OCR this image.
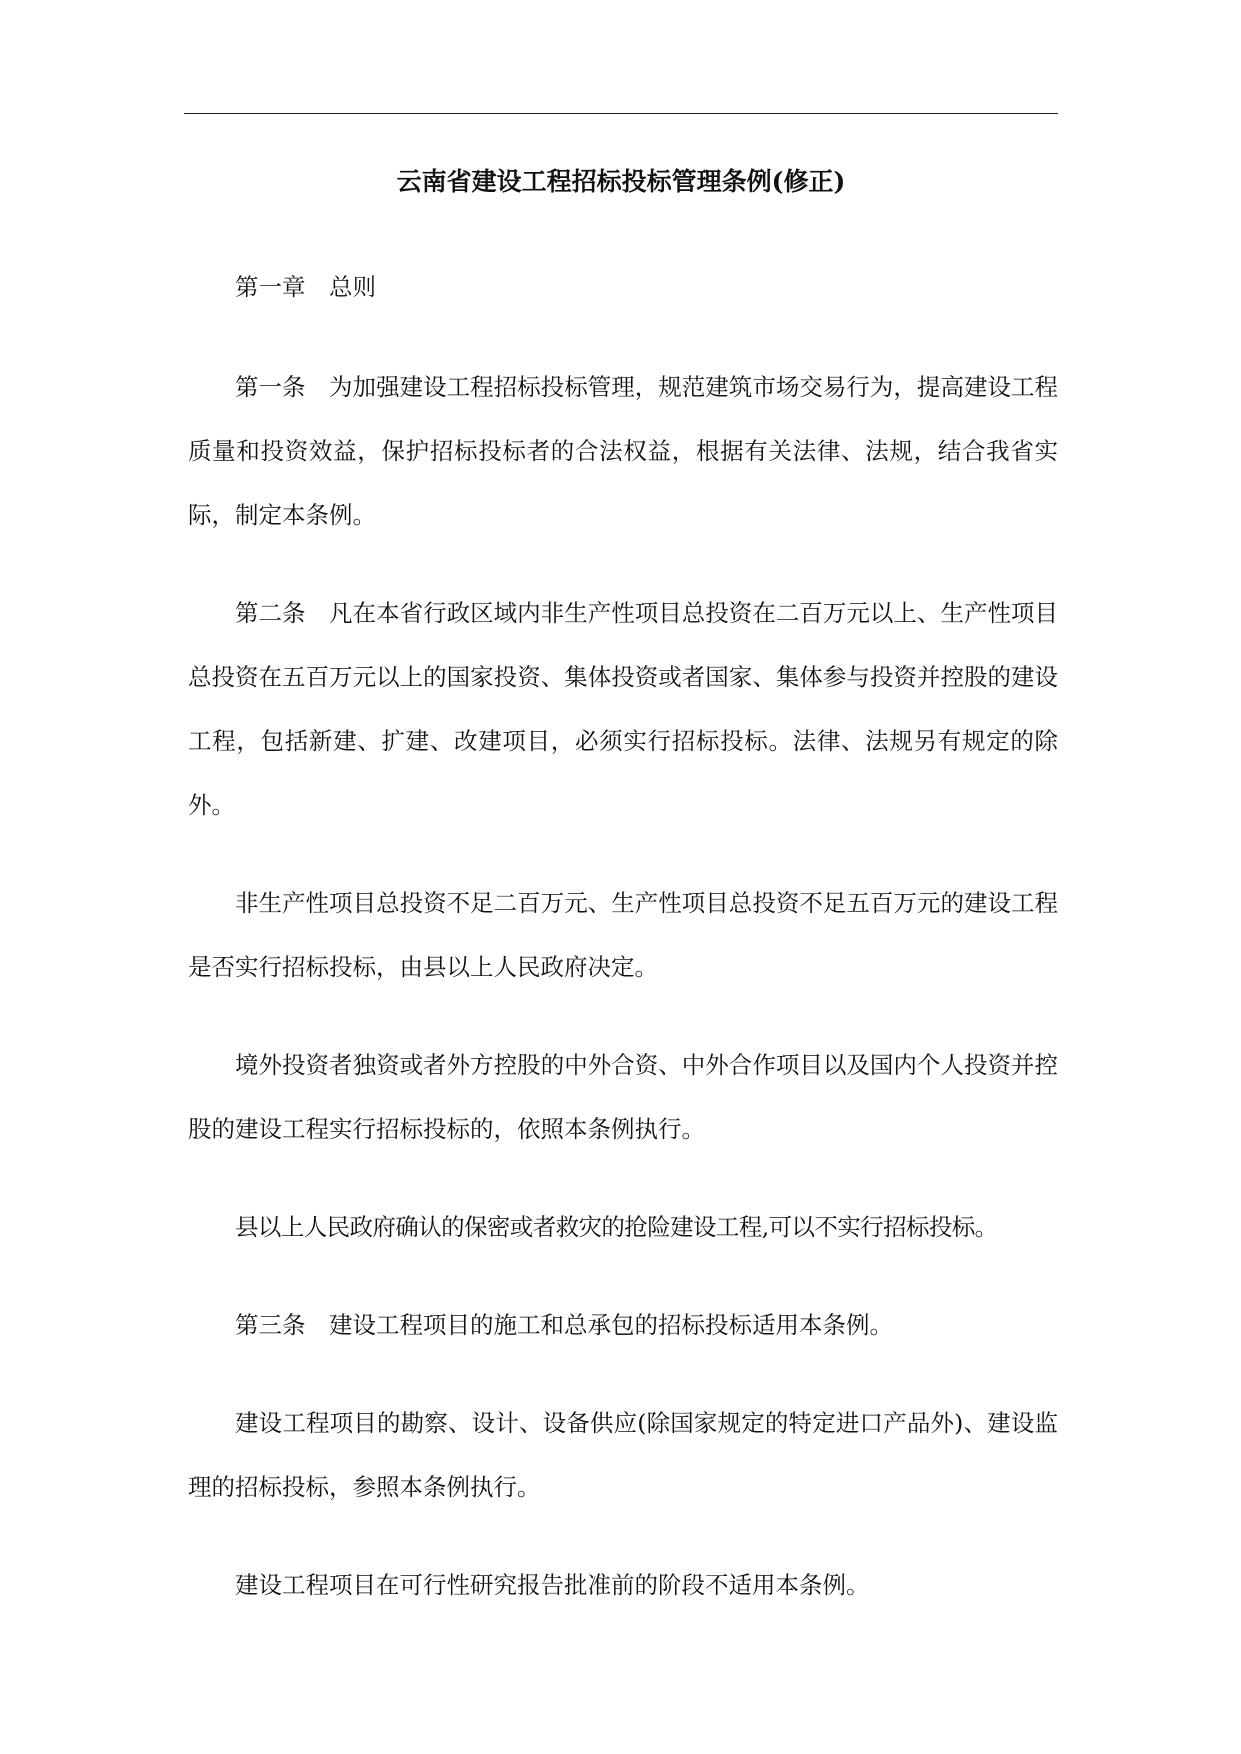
云南省建设工程招标投标管理条例(修正)

第一章 总则

第一条 为加强建设工程招标投标管理，规范建筑市场交易行为，提高建设工程质量和投资效益，保护招标投标者的合法权益，根据有关法律、法规，结合我省实际，制定本条例。

第二条 凡在本省行政区域内非生产性项目总投资在二百万元以上、生产性项目总投资在五百万元以上的国家投资、集体投资或者国家、集体参与投资并控股的建设工程，包括新建、扩建、改建项目，必须实行招标投标。法律、法规另有规定的除外。

非生产性项目总投资不足二百万元、生产性项目总投资不足五百万元的建设工程是否实行招标投标，由县以上人民政府决定。

境外投资者独资或者外方控股的中外合资、中外合作项目以及国内个人投资并控股的建设工程实行招标投标的，依照本条例执行。

县以上人民政府确认的保密或者救灾的抢险建设工程,可以不实行招标投标。

第三条 建设工程项目的施工和总承包的招标投标适用本条例。

建设工程项目的勘察、设计、设备供应(除国家规定的特定进口产品外)、建设监理的招标投标，参照本条例执行。

建设工程项目在可行性研究报告批准前的阶段不适用本条例。
